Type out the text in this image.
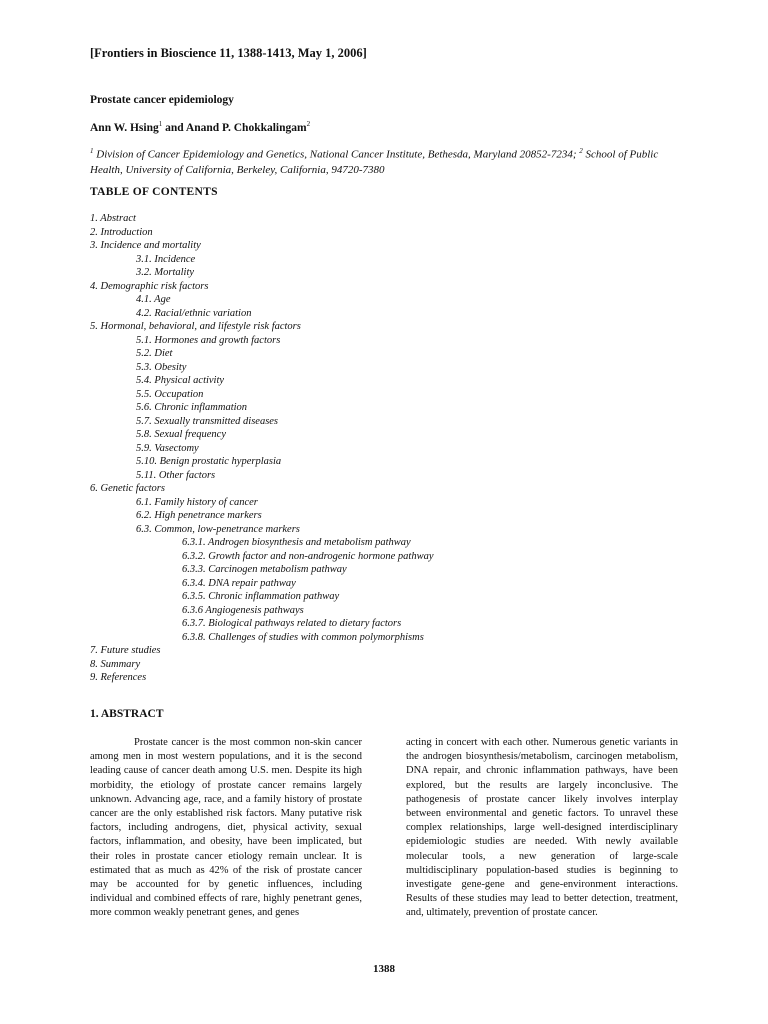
[Frontiers in Bioscience 11, 1388-1413, May 1, 2006]
Prostate cancer epidemiology
Ann W. Hsing$^1$ and Anand P. Chokkalingam$^2$
$^1$ Division of Cancer Epidemiology and Genetics, National Cancer Institute, Bethesda, Maryland 20852-7234; $^2$ School of Public Health, University of California, Berkeley, California, 94720-7380
TABLE OF CONTENTS
1. Abstract
2. Introduction
3. Incidence and mortality
3.1. Incidence
3.2. Mortality
4. Demographic risk factors
4.1. Age
4.2. Racial/ethnic variation
5. Hormonal, behavioral, and lifestyle risk factors
5.1. Hormones and growth factors
5.2. Diet
5.3. Obesity
5.4. Physical activity
5.5. Occupation
5.6. Chronic inflammation
5.7. Sexually transmitted diseases
5.8. Sexual frequency
5.9. Vasectomy
5.10. Benign prostatic hyperplasia
5.11. Other factors
6. Genetic factors
6.1. Family history of cancer
6.2. High penetrance markers
6.3. Common, low-penetrance markers
6.3.1. Androgen biosynthesis and metabolism pathway
6.3.2. Growth factor and non-androgenic hormone pathway
6.3.3. Carcinogen metabolism pathway
6.3.4. DNA repair pathway
6.3.5. Chronic inflammation pathway
6.3.6 Angiogenesis pathways
6.3.7. Biological pathways related to dietary factors
6.3.8. Challenges of studies with common polymorphisms
7. Future studies
8. Summary
9. References
1. ABSTRACT

Prostate cancer is the most common non-skin cancer among men in most western populations, and it is the second leading cause of cancer death among U.S. men. Despite its high morbidity, the etiology of prostate cancer remains largely unknown. Advancing age, race, and a family history of prostate cancer are the only established risk factors. Many putative risk factors, including androgens, diet, physical activity, sexual factors, inflammation, and obesity, have been implicated, but their roles in prostate cancer etiology remain unclear. It is estimated that as much as 42% of the risk of prostate cancer may be accounted for by genetic influences, including individual and combined effects of rare, highly penetrant genes, more common weakly penetrant genes, and genes

acting in concert with each other. Numerous genetic variants in the androgen biosynthesis/metabolism, carcinogen metabolism, DNA repair, and chronic inflammation pathways, have been explored, but the results are largely inconclusive. The pathogenesis of prostate cancer likely involves interplay between environmental and genetic factors. To unravel these complex relationships, large well-designed interdisciplinary epidemiologic studies are needed. With newly available molecular tools, a new generation of large-scale multidisciplinary population-based studies is beginning to investigate gene-gene and gene-environment interactions. Results of these studies may lead to better detection, treatment, and, ultimately, prevention of prostate cancer.

1388
